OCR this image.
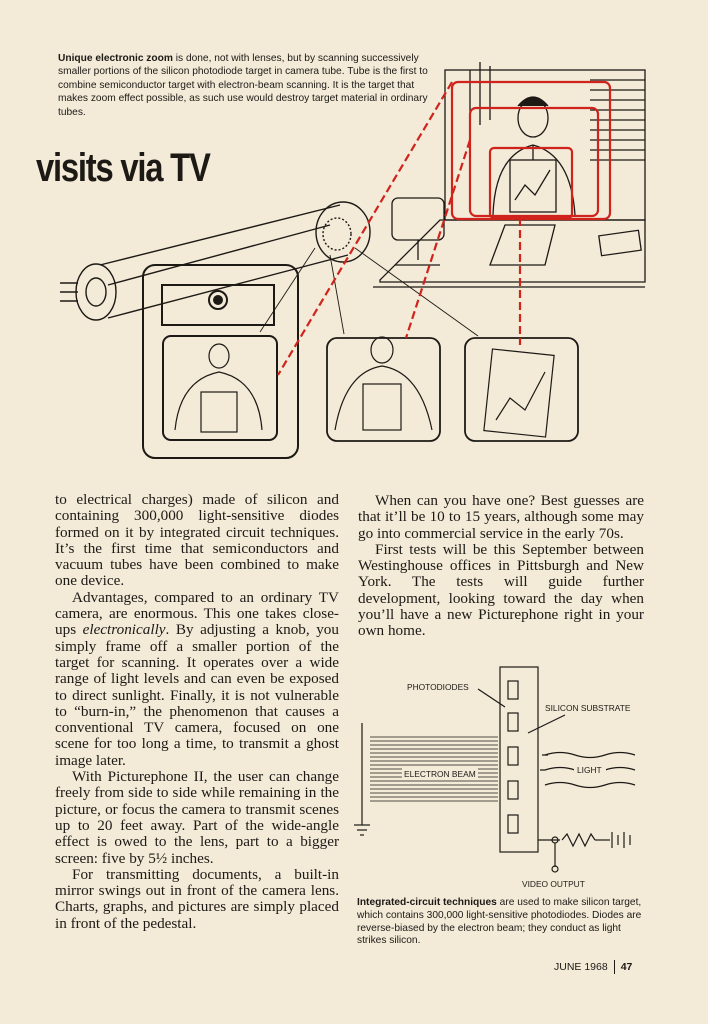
Unique electronic zoom is done, not with lenses, but by scanning successively smaller portions of the silicon photodiode target in camera tube. Tube is the first to combine semiconductor target with electron-beam scanning. It is the target that makes zoom effect possible, as such use would destroy target material in ordinary tubes.
visits via TV

to electrical charges) made of silicon and containing 300,000 light-sensitive diodes formed on it by integrated circuit techniques. It’s the first time that semiconductors and vacuum tubes have been combined to make one device.

Advantages, compared to an ordinary TV camera, are enormous. This one takes close-ups electronically. By adjusting a knob, you simply frame off a smaller portion of the target for scanning. It operates over a wide range of light levels and can even be exposed to direct sunlight. Finally, it is not vulnerable to “burn-in,” the phenomenon that causes a conventional TV camera, focused on one scene for too long a time, to transmit a ghost image later.

With Picturephone II, the user can change freely from side to side while remaining in the picture, or focus the camera to transmit scenes up to 20 feet away. Part of the wide-angle effect is owed to the lens, part to a bigger screen: five by 5½ inches.

For transmitting documents, a built-in mirror swings out in front of the camera lens. Charts, graphs, and pictures are simply placed in front of the pedestal.

When can you have one? Best guesses are that it’ll be 10 to 15 years, although some may go into commercial service in the early 70s.

First tests will be this September between Westinghouse offices in Pittsburgh and New York. The tests will guide further development, looking toward the day when you’ll have a new Picturephone right in your own home.

PHOTODIODES
SILICON SUBSTRATE
ELECTRON BEAM	LIGHT
VIDEO OUTPUT
Integrated-circuit techniques are used to make silicon target, which contains 300,000 light-sensitive photodiodes. Diodes are reverse-biased by the electron beam; they conduct as light strikes silicon.
JUNE 1968 47
